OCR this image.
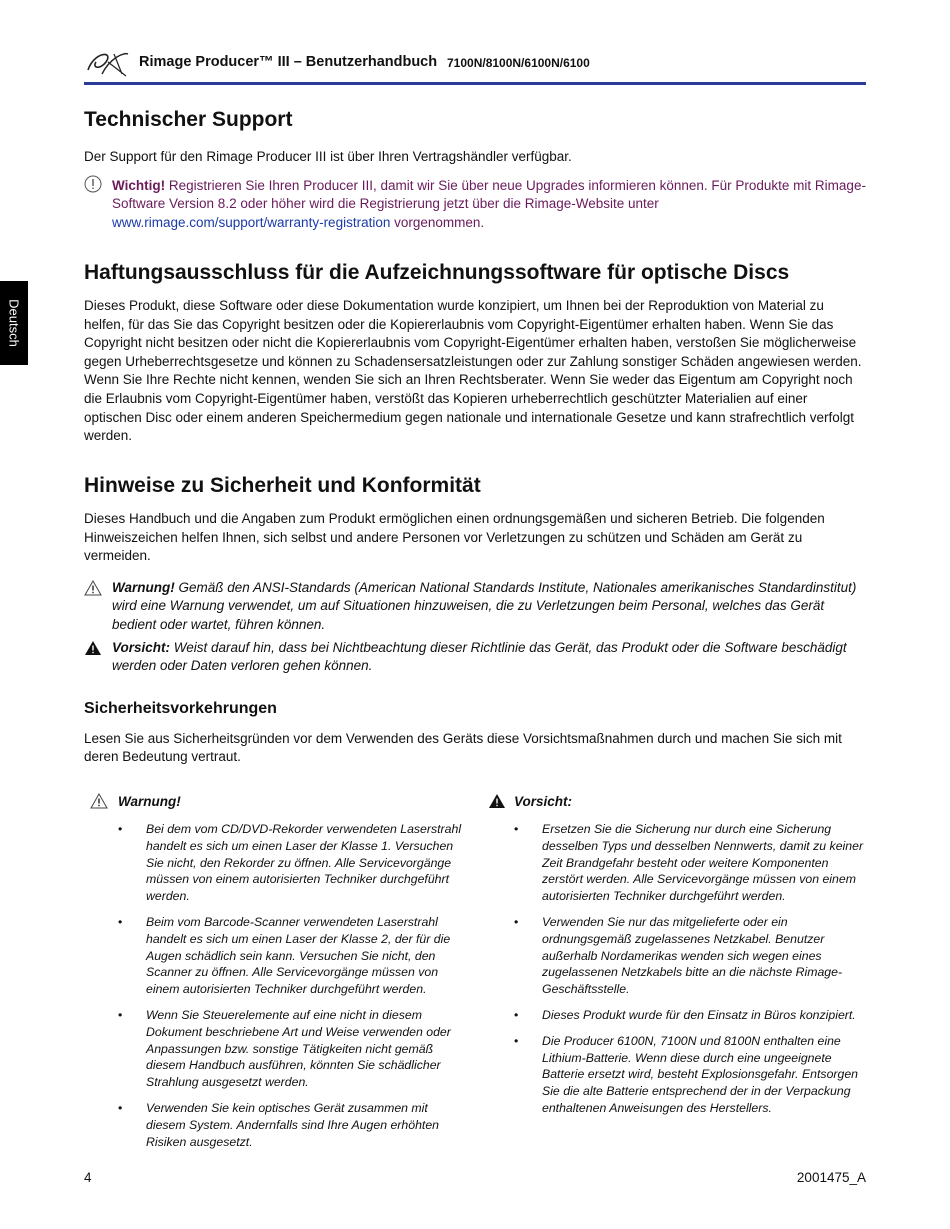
Rimage Producer™ III – Benutzerhandbuch 7100N/8100N/6100N/6100
Deutsch
Technischer Support

Der Support für den Rimage Producer III ist über Ihren Vertragshändler verfügbar.

Wichtig! Registrieren Sie Ihren Producer III, damit wir Sie über neue Upgrades informieren können. Für Produkte mit Rimage-Software Version 8.2 oder höher wird die Registrierung jetzt über die Rimage-Website unter www.rimage.com/support/warranty-registration vorgenommen.
Haftungsausschluss für die Aufzeichnungssoftware für optische Discs

Dieses Produkt, diese Software oder diese Dokumentation wurde konzipiert, um Ihnen bei der Reproduktion von Material zu helfen, für das Sie das Copyright besitzen oder die Kopiererlaubnis vom Copyright-Eigentümer erhalten haben. Wenn Sie das Copyright nicht besitzen oder nicht die Kopiererlaubnis vom Copyright-Eigentümer erhalten haben, verstoßen Sie möglicherweise gegen Urheberrechtsgesetze und können zu Schadensersatzleistungen oder zur Zahlung sonstiger Schäden angewiesen werden. Wenn Sie Ihre Rechte nicht kennen, wenden Sie sich an Ihren Rechtsberater. Wenn Sie weder das Eigentum am Copyright noch die Erlaubnis vom Copyright-Eigentümer haben, verstößt das Kopieren urheberrechtlich geschützter Materialien auf einer optischen Disc oder einem anderen Speichermedium gegen nationale und internationale Gesetze und kann strafrechtlich verfolgt werden.

Hinweise zu Sicherheit und Konformität

Dieses Handbuch und die Angaben zum Produkt ermöglichen einen ordnungsgemäßen und sicheren Betrieb. Die folgenden Hinweiszeichen helfen Ihnen, sich selbst und andere Personen vor Verletzungen zu schützen und Schäden am Gerät zu vermeiden.

Warnung! Gemäß den ANSI-Standards (American National Standards Institute, Nationales amerikanisches Standardinstitut) wird eine Warnung verwendet, um auf Situationen hinzuweisen, die zu Verletzungen beim Personal, welches das Gerät bedient oder wartet, führen können.
Vorsicht: Weist darauf hin, dass bei Nichtbeachtung dieser Richtlinie das Gerät, das Produkt oder die Software beschädigt werden oder Daten verloren gehen können.
Sicherheitsvorkehrungen

Lesen Sie aus Sicherheitsgründen vor dem Verwenden des Geräts diese Vorsichtsmaßnahmen durch und machen Sie sich mit deren Bedeutung vertraut.

Warnung!
• Bei dem vom CD/DVD-Rekorder verwendeten Laserstrahl handelt es sich um einen Laser der Klasse 1. Versuchen Sie nicht, den Rekorder zu öffnen. Alle Servicevorgänge müssen von einem autorisierten Techniker durchgeführt werden.
• Beim vom Barcode-Scanner verwendeten Laserstrahl handelt es sich um einen Laser der Klasse 2, der für die Augen schädlich sein kann. Versuchen Sie nicht, den Scanner zu öffnen. Alle Servicevorgänge müssen von einem autorisierten Techniker durchgeführt werden.
• Wenn Sie Steuerelemente auf eine nicht in diesem Dokument beschriebene Art und Weise verwenden oder Anpassungen bzw. sonstige Tätigkeiten nicht gemäß diesem Handbuch ausführen, könnten Sie schädlicher Strahlung ausgesetzt werden.
• Verwenden Sie kein optisches Gerät zusammen mit diesem System. Andernfalls sind Ihre Augen erhöhten Risiken ausgesetzt.
Vorsicht:
• Ersetzen Sie die Sicherung nur durch eine Sicherung desselben Typs und desselben Nennwerts, damit zu keiner Zeit Brandgefahr besteht oder weitere Komponenten zerstört werden. Alle Servicevorgänge müssen von einem autorisierten Techniker durchgeführt werden.
• Verwenden Sie nur das mitgelieferte oder ein ordnungsgemäß zugelassenes Netzkabel. Benutzer außerhalb Nordamerikas wenden sich wegen eines zugelassenen Netzkabels bitte an die nächste Rimage-Geschäftsstelle.
• Dieses Produkt wurde für den Einsatz in Büros konzipiert.
• Die Producer 6100N, 7100N und 8100N enthalten eine Lithium-Batterie. Wenn diese durch eine ungeeignete Batterie ersetzt wird, besteht Explosionsgefahr. Entsorgen Sie die alte Batterie entsprechend der in der Verpackung enthaltenen Anweisungen des Herstellers.
4	2001475_A
